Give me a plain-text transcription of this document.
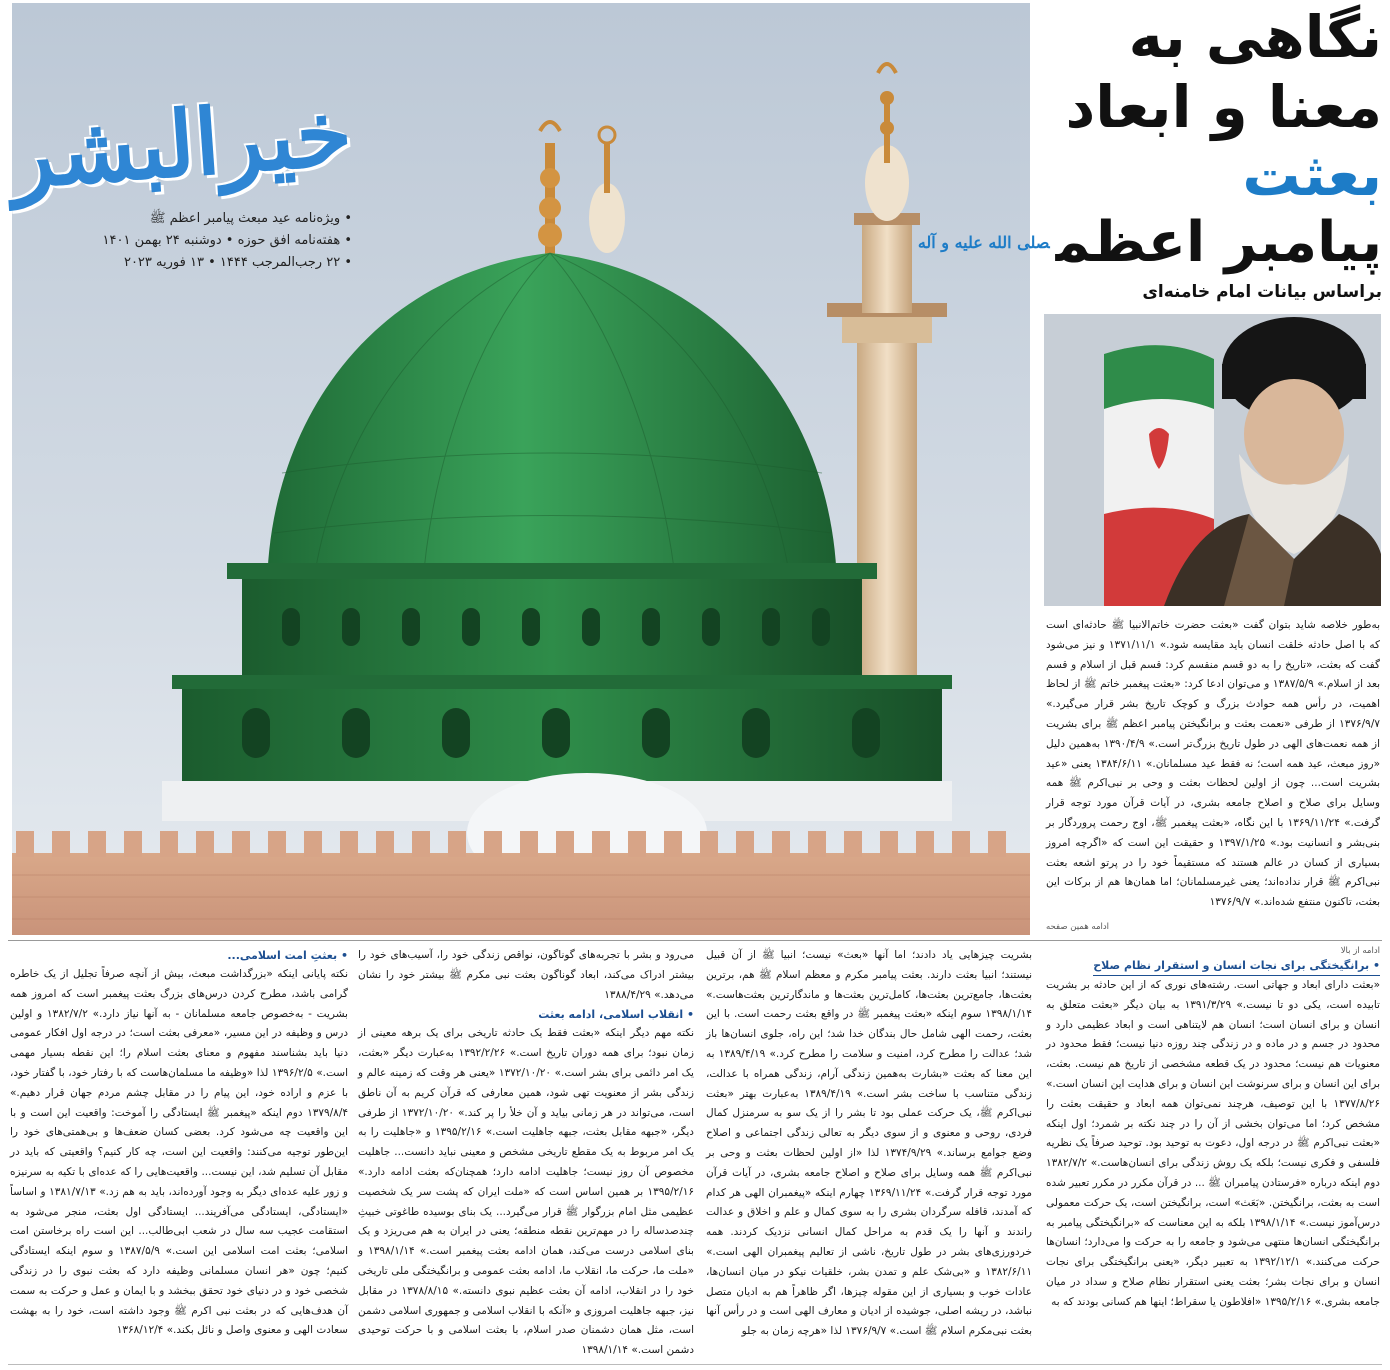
خیرالبشر
• ویژه‌نامه عید مبعث پیامبر اعظم ﷺ
• هفته‌نامه افق حوزه • دوشنبه ۲۴ بهمن ۱۴۰۱
• ۲۲ رجب‌المرجب ۱۴۴۴ • ۱۳ فوریه ۲۰۲۳
نگاهی به
معنا و ابعاد
بعثت
پیامبر اعظم$^{صلی الله علیه و آله}$
براساس بیانات امام خامنه‌ای
به‌طور خلاصه شاید بتوان گفت «بعثت حضرت خاتم‌الانبیا ﷺ حادثه‌ای است که با اصل حادثه خلقت انسان باید مقایسه شود.» ۱۳۷۱/۱۱/۱ و نیز می‌شود گفت که بعثت، «تاریخ را به دو قسم منقسم کرد: قسم قبل از اسلام و قسم بعد از اسلام.» ۱۳۸۷/۵/۹ و می‌توان ادعا کرد: «بعثت پیغمبر خاتم ﷺ از لحاظ اهمیت، در رأس همه حوادث بزرگ و کوچک تاریخ بشر قرار می‌گیرد.» ۱۳۷۶/۹/۷ از طرفی «نعمت بعثت و برانگیختن پیامبر اعظم ﷺ برای بشریت از همه نعمت‌های الهی در طول تاریخ بزرگ‌تر است.» ۱۳۹۰/۴/۹ به‌همین دلیل «روز مبعث، عید همه است؛ نه فقط عید مسلمانان.» ۱۳۸۴/۶/۱۱ یعنی «عید بشریت است... چون از اولین لحظات بعثت و وحی بر نبی‌اکرم ﷺ همه وسایل برای صلاح و اصلاح جامعه بشری، در آیات قرآن مورد توجه قرار گرفت.» ۱۳۶۹/۱۱/۲۴ با این نگاه، «بعثت پیغمبر ﷺ، اوج رحمت پروردگار بر بنی‌بشر و انسانیت بود.» ۱۳۹۷/۱/۲۵ و حقیقت این است که «اگرچه امروز بسیاری از کسان در عالم هستند که مستقیماً خود را در پرتو اشعه بعثت نبی‌اکرم ﷺ قرار نداده‌اند؛ یعنی غیرمسلمانان؛ اما همان‌ها هم از برکات این بعثت، تاکنون منتفع شده‌اند.» ۱۳۷۶/۹/۷
ادامه همین صفحه
ادامه از بالا
• برانگیختگی برای نجات انسان و استقرار نظام صلاح
«بعثت دارای ابعاد و جهاتی است. رشته‌های نوری که از این حادثه بر بشریت تابیده است، یکی دو تا نیست.» ۱۳۹۱/۳/۲۹ به بیان دیگر «بعثت متعلق به انسان و برای انسان است؛ انسان هم لایتناهی است و ابعاد عظیمی دارد و محدود در جسم و در ماده و در زندگی چند روزه دنیا نیست؛ فقط محدود در معنویات هم نیست؛ محدود در یک قطعه مشخصی از تاریخ هم نیست. بعثت، برای این انسان و برای سرنوشت این انسان و برای هدایت این انسان است.» ۱۳۷۷/۸/۲۶ با این توصیف، هرچند نمی‌توان همه ابعاد و حقیقت بعثت را مشخص کرد؛ اما می‌توان بخشی از آن را در چند نکته بر شمرد؛ اول اینکه «بعثت نبی‌اکرم ﷺ در درجه اول، دعوت به توحید بود. توحید صرفاً یک نظریه فلسفی و فکری نیست؛ بلکه یک روش زندگی برای انسان‌هاست.» ۱۳۸۲/۷/۲ دوم اینکه درباره «فرستادن پیامبران ﷺ ... در قرآن مکرر در مکرر تعبیر شده است به بعثت، برانگیختن. «بَعَث» است، برانگیختن است، یک حرکت معمولی درس‌آموز نیست.» ۱۳۹۸/۱/۱۴ بلکه به این معناست که «برانگیختگی پیامبر به برانگیختگی انسان‌ها منتهی می‌شود و جامعه را به حرکت وا می‌دارد؛ انسان‌ها حرکت می‌کنند.» ۱۳۹۲/۱۲/۱ به تعبیر دیگر، «یعنی برانگیختگی برای نجات انسان و برای نجات بشر؛ بعثت یعنی استقرار نظام صلاح و سداد در میان جامعه بشری.» ۱۳۹۵/۲/۱۶ «افلاطون یا سقراط؛ اینها هم کسانی بودند که به
بشریت چیزهایی یاد دادند؛ اما آنها «بعث» نیست؛ انبیا ﷺ از آن قبیل نیستند؛ انبیا بعثت دارند. بعثت پیامبر مکرم و معظم اسلام ﷺ هم، برترین بعثت‌ها، جامع‌ترین بعثت‌ها، کامل‌ترین بعثت‌ها و ماندگارترین بعثت‌هاست.» ۱۳۹۸/۱/۱۴ سوم اینکه «بعثت پیغمبر ﷺ در واقع بعثت رحمت است. با این بعثت، رحمت الهی شامل حال بندگان خدا شد؛ این راه، جلوی انسان‌ها باز شد؛ عدالت را مطرح کرد، امنیت و سلامت را مطرح کرد.» ۱۳۸۹/۴/۱۹ به این معنا که بعثت «بشارت به‌همین زندگی آرام، زندگی همراه با عدالت، زندگی متناسب با ساخت بشر است.» ۱۳۸۹/۴/۱۹ به‌عبارت بهتر «بعثت نبی‌اکرم ﷺ، یک حرکت عملی بود تا بشر را از یک سو به سرمنزل کمال فردی، روحی و معنوی و از سوی دیگر به تعالی زندگی اجتماعی و اصلاح وضع جوامع برساند.» ۱۳۷۴/۹/۲۹ لذا «از اولین لحظات بعثت و وحی بر نبی‌اکرم ﷺ همه وسایل برای صلاح و اصلاح جامعه بشری، در آیات قرآن مورد توجه قرار گرفت.» ۱۳۶۹/۱۱/۲۴ چهارم اینکه «پیغمبران الهی هر کدام که آمدند، قافله سرگردان بشری را به سوی کمال و علم و اخلاق و عدالت راندند و آنها را یک قدم به مراحل کمال انسانی نزدیک کردند. همه خردورزی‌های بشر در طول تاریخ، ناشی از تعالیم پیغمبران الهی است.» ۱۳۸۲/۶/۱۱ و «بی‌شک علم و تمدن بشر، خلقیات نیکو در میان انسان‌ها، عادات خوب و بسیاری از این مقوله چیزها، اگر ظاهراً هم به ادیان متصل نباشد، در ریشه اصلی، جوشیده از ادیان و معارف الهی است و در رأس آنها بعثت نبی‌مکرم اسلام ﷺ است.» ۱۳۷۶/۹/۷ لذا «هرچه زمان به جلو
می‌رود و بشر با تجربه‌های گوناگون، نواقص زندگی خود را، آسیب‌های خود را بیشتر ادراک می‌کند، ابعاد گوناگون بعثت نبی مکرم ﷺ بیشتر خود را نشان می‌دهد.» ۱۳۸۸/۴/۲۹
• انقلاب اسلامی، ادامه بعثت
نکته مهم دیگر اینکه «بعثت فقط یک حادثه تاریخی برای یک برهه معینی از زمان نبود؛ برای همه دوران تاریخ است.» ۱۳۹۲/۲/۲۶ به‌عبارت دیگر «بعثت، یک امر دائمی برای بشر است.» ۱۳۷۲/۱۰/۲۰ «یعنی هر وقت که زمینه عالم و زندگی بشر از معنویت تهی شود، همین معارفی که قرآن کریم به آن ناطق است، می‌تواند در هر زمانی بیاید و آن خلأ را پر کند.» ۱۳۷۲/۱۰/۲۰ از طرفی دیگر، «جبهه مقابل بعثت، جبهه جاهلیت است.» ۱۳۹۵/۲/۱۶ و «جاهلیت را به یک امر مربوط به یک مقطع تاریخی مشخص و معینی نباید دانست... جاهلیت مخصوص آن روز نیست؛ جاهلیت ادامه دارد؛ همچنان‌که بعثت ادامه دارد.» ۱۳۹۵/۲/۱۶ بر همین اساس است که «ملت ایران که پشت سر یک شخصیت عظیمی مثل امام بزرگوار ﷺ قرار می‌گیرد... یک بنای بوسیده طاغوتی خبیثِ چندصدساله را در مهم‌ترین نقطه منطقه؛ یعنی در ایران به هم می‌ریزد و یک بنای اسلامی درست می‌کند، همان ادامه بعثت پیغمبر است.» ۱۳۹۸/۱/۱۴ و «ملت ما، حرکت ما، انقلاب ما، ادامه بعثت عمومی و برانگیختگی ملی تاریخی خود را در انقلاب، ادامه آن بعثت عظیم نبوی دانسته.» ۱۳۷۸/۸/۱۵ در مقابل نیز، جبهه جاهلیت امروزی و «آنکه با انقلاب اسلامی و جمهوری اسلامی دشمن است، مثل همان دشمنان صدر اسلام، با بعثت اسلامی و با حرکت توحیدی دشمن است.» ۱۳۹۸/۱/۱۴
• بعثتِ امت اسلامی...
نکته پایانی اینکه «بزرگداشت مبعث، بیش از آنچه صرفاً تجلیل از یک خاطره گرامی باشد، مطرح کردن درس‌های بزرگ بعثت پیغمبر است که امروز همه بشریت - به‌خصوص جامعه مسلمانان - به آنها نیاز دارد.» ۱۳۸۲/۷/۲ و اولین درس و وظیفه در این مسیر، «معرفی بعثت است؛ در درجه اول افکار عمومی دنیا باید بشناسند مفهوم و معنای بعثت اسلام را؛ این نقطه بسیار مهمی است.» ۱۳۹۶/۲/۵ لذا «وظیفه ما مسلمان‌هاست که با رفتار خود، با گفتار خود، با عزم و اراده خود، این پیام را در مقابل چشم مردم جهان قرار دهیم.» ۱۳۷۹/۸/۴ دوم اینکه «پیغمبر ﷺ ایستادگی را آموخت: واقعیت این است و با این واقعیت چه می‌شود کرد. بعضی کسان ضعف‌ها و بی‌همتی‌های خود را این‌طور توجیه می‌کنند: واقعیت این است، چه کار کنیم؟ واقعیتی که باید در مقابل آن تسلیم شد، این نیست... واقعیت‌هایی را که عده‌ای با تکیه به سرنیزه و زور علیه عده‌ای دیگر به وجود آورده‌اند، باید به هم زد.» ۱۳۸۱/۷/۱۳ و اساساً «ایستادگی، ایستادگی می‌آفریند... ایستادگی اول بعثت، منجر می‌شود به استقامت عجیب سه سال در شعب ابی‌طالب... این است راه برخاستن امت اسلامی؛ بعثت امت اسلامی این است.» ۱۳۸۷/۵/۹ و سوم اینکه ایستادگی کنیم؛ چون «هر انسان مسلمانی وظیفه دارد که بعثت نبوی را در زندگی شخصی خود و در دنیای خود تحقق ببخشد و با ایمان و عمل و حرکت به سمت آن هدف‌هایی که در بعثت نبی اکرم ﷺ وجود داشته است، خود را به بهشت سعادت الهی و معنوی واصل و نائل بکند.» ۱۳۶۸/۱۲/۴
